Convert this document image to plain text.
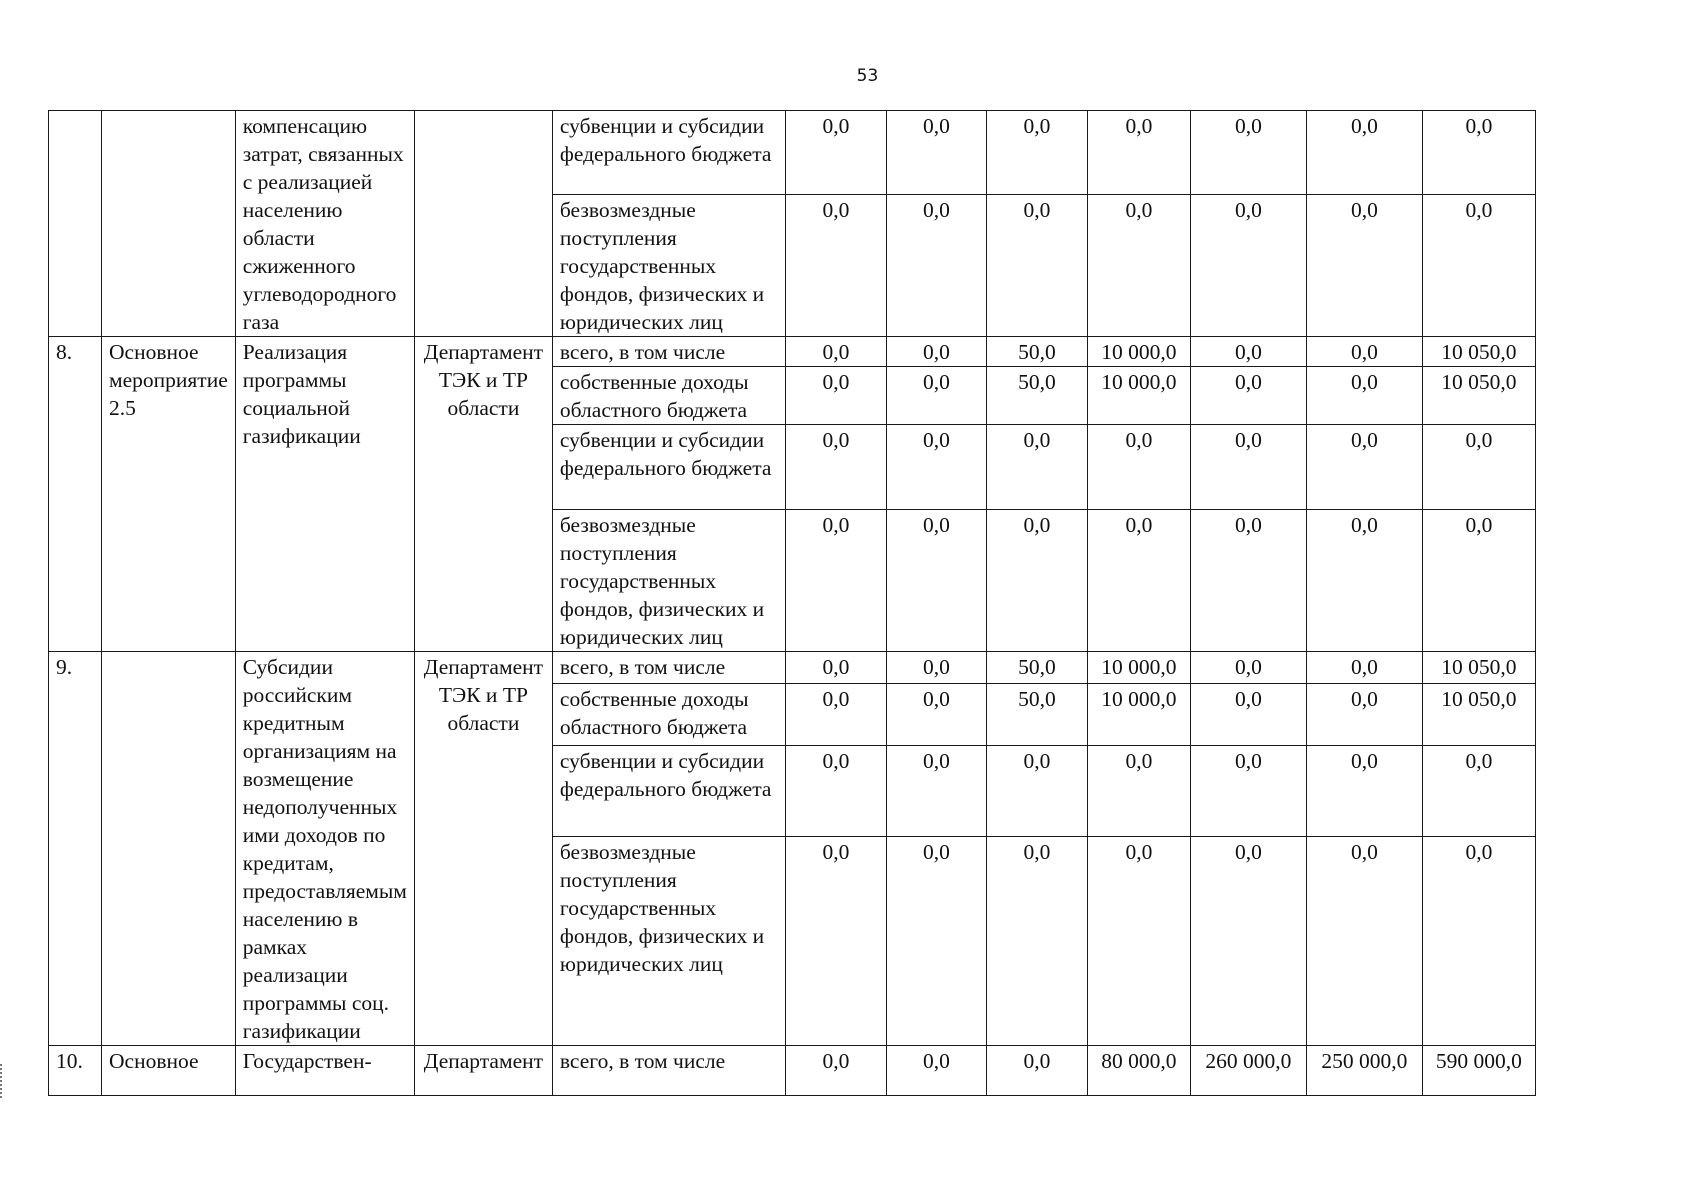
53
		компенсацию затрат, связанных с реализацией населению области сжиженного углеводородного газа		субвенции и субсидии федерального бюджета	0,0	0,0	0,0	0,0	0,0	0,0	0,0
				безвозмездные поступления государственных фондов, физических и юридических лиц	0,0	0,0	0,0	0,0	0,0	0,0	0,0
8.	Основное мероприятие 2.5	Реализация программы социальной газификации	Департамент ТЭК и ТР области	всего, в том числе	0,0	0,0	50,0	10 000,0	0,0	0,0	10 050,0
				собственные доходы областного бюджета	0,0	0,0	50,0	10 000,0	0,0	0,0	10 050,0
				субвенции и субсидии федерального бюджета	0,0	0,0	0,0	0,0	0,0	0,0	0,0
				безвозмездные поступления государственных фондов, физических и юридических лиц	0,0	0,0	0,0	0,0	0,0	0,0	0,0
9.		Субсидии российским кредитным организациям на возмещение недополученных ими доходов по кредитам, предоставляемым населению в рамках реализации программы соц. газификации	Департамент ТЭК и ТР области	всего, в том числе	0,0	0,0	50,0	10 000,0	0,0	0,0	10 050,0
				собственные доходы областного бюджета	0,0	0,0	50,0	10 000,0	0,0	0,0	10 050,0
				субвенции и субсидии федерального бюджета	0,0	0,0	0,0	0,0	0,0	0,0	0,0
				безвозмездные поступления государственных фондов, физических и юридических лиц	0,0	0,0	0,0	0,0	0,0	0,0	0,0
10.	Основное	Государствен-	Департамент	всего, в том числе	0,0	0,0	0,0	80 000,0	260 000,0	250 000,0	590 000,0
